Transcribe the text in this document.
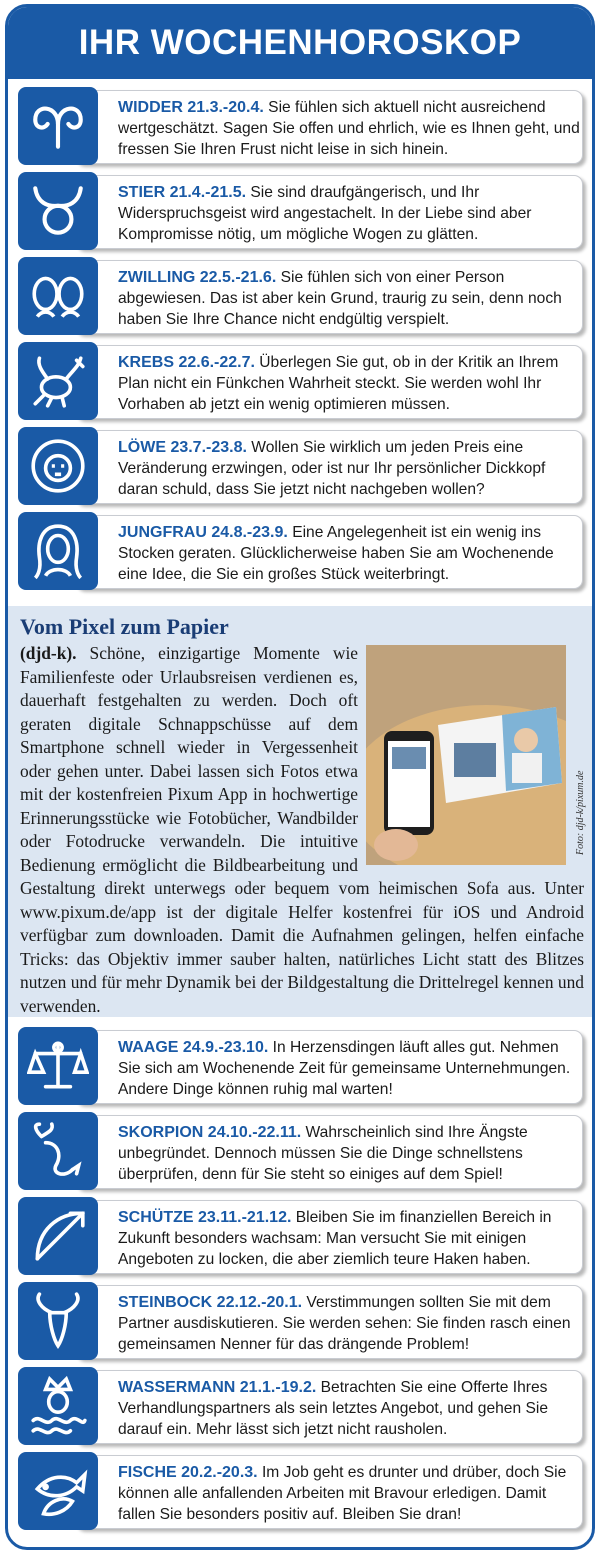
IHR WOCHENHOROSKOP
WIDDER 21.3.-20.4. Sie fühlen sich aktuell nicht ausreichend wertgeschätzt. Sagen Sie offen und ehrlich, wie es Ihnen geht, und fressen Sie Ihren Frust nicht leise in sich hinein.
STIER 21.4.-21.5. Sie sind draufgängerisch, und Ihr Widerspruchsgeist wird angestachelt. In der Liebe sind aber Kompromisse nötig, um mögliche Wogen zu glätten.
ZWILLING 22.5.-21.6. Sie fühlen sich von einer Person abgewiesen. Das ist aber kein Grund, traurig zu sein, denn noch haben Sie Ihre Chance nicht endgültig verspielt.
KREBS 22.6.-22.7. Überlegen Sie gut, ob in der Kritik an Ihrem Plan nicht ein Fünkchen Wahrheit steckt. Sie werden wohl Ihr Vorhaben ab jetzt ein wenig optimieren müssen.
LÖWE 23.7.-23.8. Wollen Sie wirklich um jeden Preis eine Veränderung erzwingen, oder ist nur Ihr persönlicher Dickkopf daran schuld, dass Sie jetzt nicht nachgeben wollen?
JUNGFRAU 24.8.-23.9. Eine Angelegenheit ist ein wenig ins Stocken geraten. Glücklicherweise haben Sie am Wochenende eine Idee, die Sie ein großes Stück weiterbringt.
Vom Pixel zum Papier
Foto: djd-k/pixum.de
(djd-k). Schöne, einzigartige Momente wie Familienfeste oder Urlaubsreisen verdienen es, dauerhaft festgehalten zu werden. Doch oft geraten digitale Schnappschüsse auf dem Smartphone schnell wieder in Vergessenheit oder gehen unter. Dabei lassen sich Fotos etwa mit der kostenfreien Pixum App in hochwertige Erinnerungsstücke wie Fotobücher, Wandbilder oder Fotodrucke verwandeln. Die intuitive Bedienung ermöglicht die Bildbearbeitung und Gestaltung direkt unterwegs oder bequem vom heimischen Sofa aus. Unter www.pixum.de/app ist der digitale Helfer kostenfrei für iOS und Android verfügbar zum downloaden. Damit die Aufnahmen gelingen, helfen einfache Tricks: das Objektiv immer sauber halten, natürliches Licht statt des Blitzes nutzen und für mehr Dynamik bei der Bildgestaltung die Drittelregel kennen und verwenden.
WAAGE 24.9.-23.10. In Herzensdingen läuft alles gut. Nehmen Sie sich am Wochenende Zeit für gemeinsame Unternehmungen. Andere Dinge können ruhig mal warten!
SKORPION 24.10.-22.11. Wahrscheinlich sind Ihre Ängste unbegründet. Dennoch müssen Sie die Dinge schnellstens überprüfen, denn für Sie steht so einiges auf dem Spiel!
SCHÜTZE 23.11.-21.12. Bleiben Sie im finanziellen Bereich in Zukunft besonders wachsam: Man versucht Sie mit einigen Angeboten zu locken, die aber ziemlich teure Haken haben.
STEINBOCK 22.12.-20.1. Verstimmungen sollten Sie mit dem Partner ausdiskutieren. Sie werden sehen: Sie finden rasch einen gemeinsamen Nenner für das drängende Problem!
WASSERMANN 21.1.-19.2. Betrachten Sie eine Offerte Ihres Verhandlungspartners als sein letztes Angebot, und gehen Sie darauf ein. Mehr lässt sich jetzt nicht rausholen.
FISCHE 20.2.-20.3. Im Job geht es drunter und drüber, doch Sie können alle anfallenden Arbeiten mit Bravour erledigen. Damit fallen Sie besonders positiv auf. Bleiben Sie dran!
